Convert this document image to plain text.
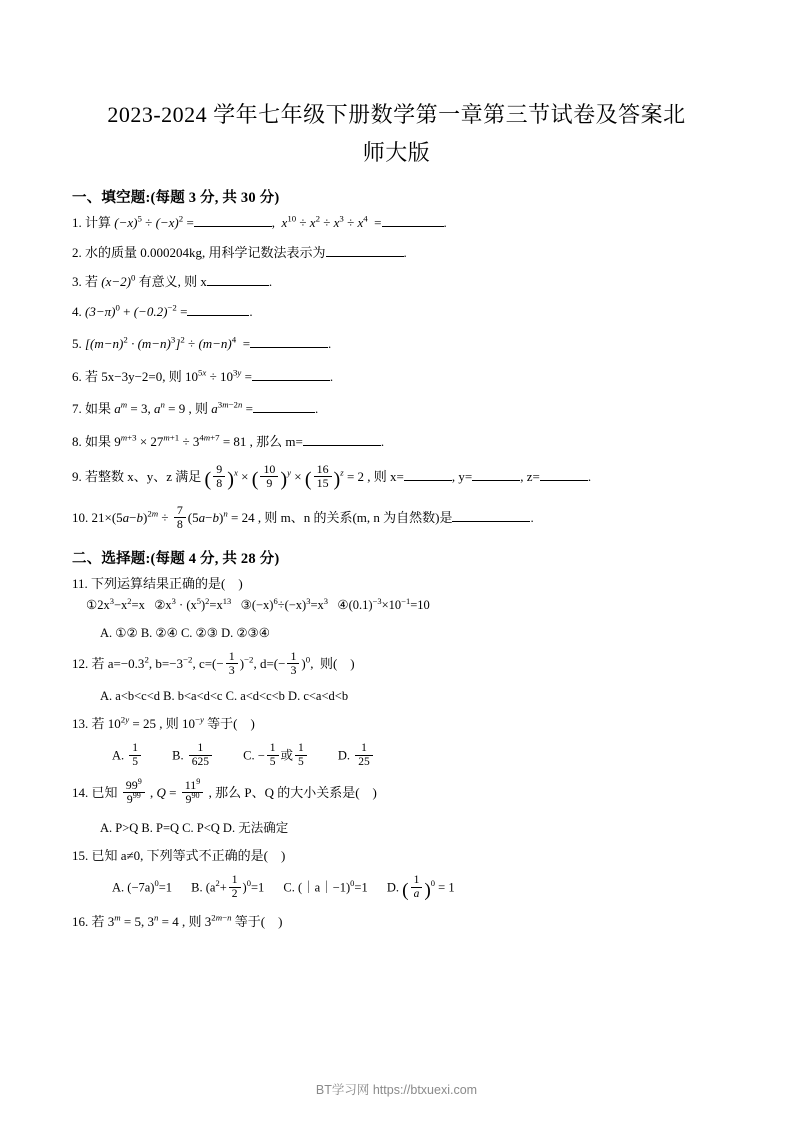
2023-2024 学年七年级下册数学第一章第三节试卷及答案北
师大版
一、填空题:(每题 3 分, 共 30 分)
1. 计算 $(-x)^5 \div (-x)^2$ =	,  $x^{10} \div x^2 \div x^3 \div x^4$  =	.
2. 水的质量 0.000204kg, 用科学记数法表示为	.
3. 若 $(x-2)^0$ 有意义, 则 x	.
4. $(3-\pi)^0 + (-0.2)^{-2}$ =	.
5. $[(m-n)^2 \cdot (m-n)^3]^2 \div (m-n)^4$  =	.
6. 若 5x−3y−2=0, 则 $10^{5x} \div 10^{3y}$ =	.
7. 如果 $a^m = 3$, $a^n = 9$ , 则 $a^{3m-2n}$ =	.
8. 如果 $9^{m+3} \times 27^{m+1} \div 3^{4m+7} = 81$ , 那么 m=	.
9. 若整数 x、y、z 满足 ( $\frac{9}{8} )^x$ × ( $\frac{10}{9} )^y$ × ( $\frac{16}{15} )^z = 2$ , 则 x=	, y=	, z=	.
10. $21\times(5a-b)^{2m} \div \frac{7}{8} (5a-b)^n = 24$ , 则 m、n 的关系(m, n 为自然数)是	.
二、选择题:(每题 4 分, 共 28 分)
11. 下列运算结果正确的是(    )
$①2x^3-x^2=x$   $②x^3 \cdot (x^5)^2=x^{13}$   $③(-x)^6\div(-x)^3=x^3$   $④(0.1)^{-3}\times 10^{-1}=10$
A. ①② B. ②④ C. ②③ D. ②③④
12. 若 $a=-0.3^2$, $b=-3^{-2}$, $c=(- \frac{1}{3} )^{-2}$, $d=(- \frac{1}{3} )^0$,  则(    )
A. a<b<c<d B. b<a<d<c C. a<d<c<b D. c<a<d<b
13. 若 $10^{2y} = 25$ , 则 $10^{-y}$ 等于(    )
A. $\frac{1}{5} B$. $\frac{1}{625} C$. − $\frac{1}{5}$ 或 $\frac{1}{5} D$. $\frac{1}{25}$
14. 已知 $\frac{99^9}{9^{99}}$ , $Q = \frac{11^9}{9^{90}}$ , 那么 P、Q 的大小关系是(    )
A. P>Q B. P=Q C. P<Q D. 无法确定
15. 已知 a≠0, 下列等式不正确的是(    )
A. $(-7a)^0=1$ B. $(a^2+ \frac{1}{2} )^0=1$ C. (｜a｜−1)$^0$=1 D. ( $\frac{1}{a} )^0 = 1$
16. 若 $3^m = 5$, $3^n = 4$ , 则 $3^{2m-n}$ 等于(    )
BT学习网 https://btxuexi.com
